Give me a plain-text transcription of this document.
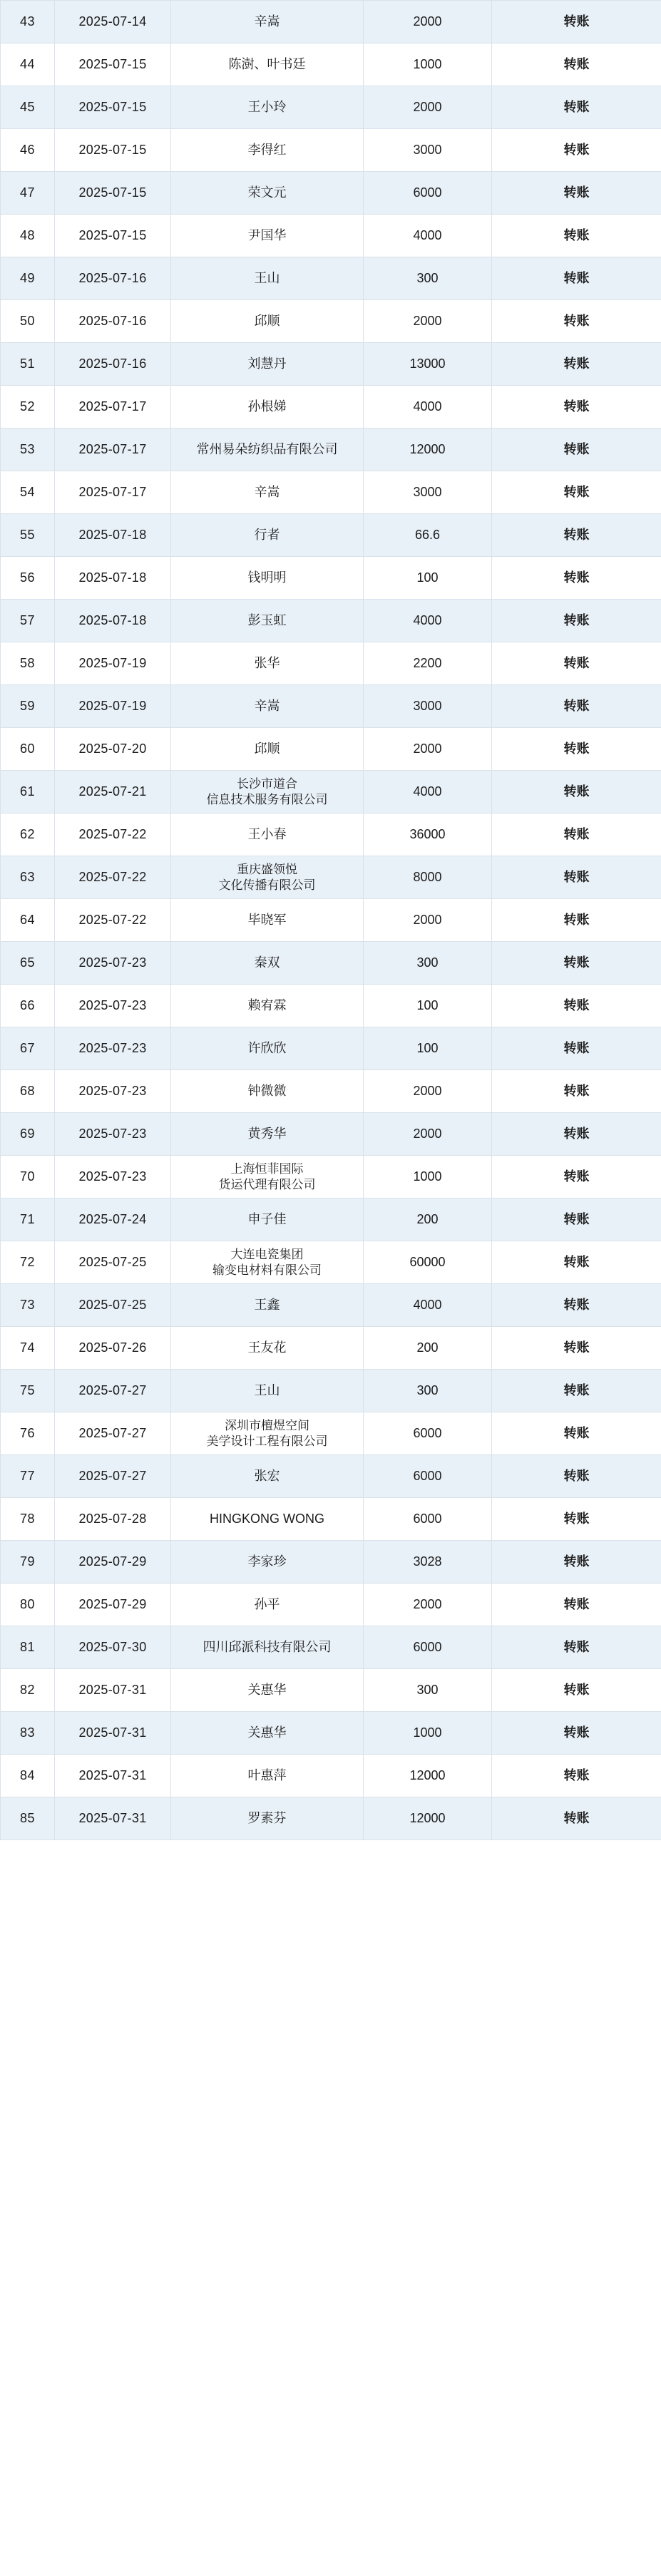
43	2025-07-14	辛嵩	2000	转账
44	2025-07-15	陈澍、叶书廷	1000	转账
45	2025-07-15	王小玲	2000	转账
46	2025-07-15	李得红	3000	转账
47	2025-07-15	荣文元	6000	转账
48	2025-07-15	尹国华	4000	转账
49	2025-07-16	王山	300	转账
50	2025-07-16	邱顺	2000	转账
51	2025-07-16	刘慧丹	13000	转账
52	2025-07-17	孙根娣	4000	转账
53	2025-07-17	常州易朵纺织品有限公司	12000	转账
54	2025-07-17	辛嵩	3000	转账
55	2025-07-18	行者	66.6	转账
56	2025-07-18	钱明明	100	转账
57	2025-07-18	彭玉虹	4000	转账
58	2025-07-19	张华	2200	转账
59	2025-07-19	辛嵩	3000	转账
60	2025-07-20	邱顺	2000	转账
61	2025-07-21	长沙市道合
信息技术服务有限公司	4000	转账
62	2025-07-22	王小春	36000	转账
63	2025-07-22	重庆盛领悦
文化传播有限公司	8000	转账
64	2025-07-22	毕晓军	2000	转账
65	2025-07-23	秦双	300	转账
66	2025-07-23	赖宥霖	100	转账
67	2025-07-23	许欣欣	100	转账
68	2025-07-23	钟微微	2000	转账
69	2025-07-23	黄秀华	2000	转账
70	2025-07-23	上海恒菲国际
货运代理有限公司	1000	转账
71	2025-07-24	申子佳	200	转账
72	2025-07-25	大连电瓷集团
输变电材料有限公司	60000	转账
73	2025-07-25	王鑫	4000	转账
74	2025-07-26	王友花	200	转账
75	2025-07-27	王山	300	转账
76	2025-07-27	深圳市檀煜空间
美学设计工程有限公司	6000	转账
77	2025-07-27	张宏	6000	转账
78	2025-07-28	HINGKONG WONG	6000	转账
79	2025-07-29	李家珍	3028	转账
80	2025-07-29	孙平	2000	转账
81	2025-07-30	四川邱派科技有限公司	6000	转账
82	2025-07-31	关惠华	300	转账
83	2025-07-31	关惠华	1000	转账
84	2025-07-31	叶惠萍	12000	转账
85	2025-07-31	罗素芬	12000	转账
